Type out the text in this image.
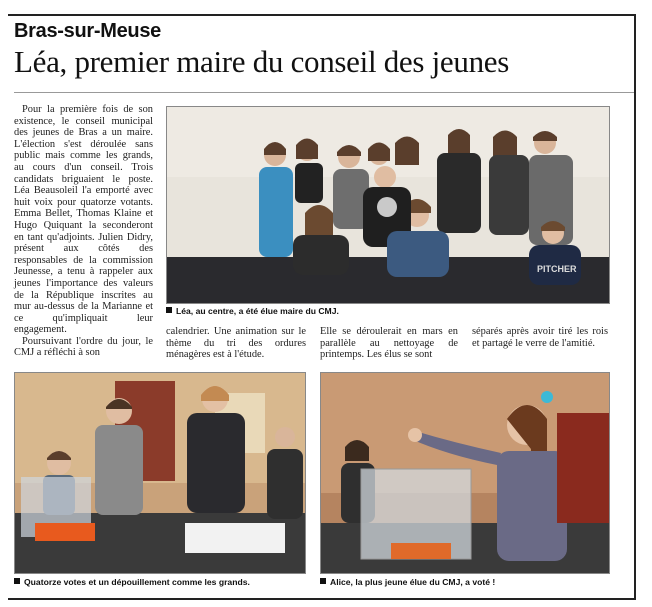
Bras-sur-Meuse
Léa, premier maire du conseil des jeunes

Pour la première fois de son existence, le conseil municipal des jeunes de Bras a un maire. L'élection s'est déroulée sans public mais comme les grands, au cours d'un conseil. Trois candidats briguaient le poste. Léa Beausoleil l'a emporté avec huit voix pour quatorze votants. Emma Bellet, Thomas Klaine et Hugo Quiquant la seconderont en tant qu'adjoints. Julien Didry, présent aux côtés des responsables de la commission Jeunesse, a tenu à rappeler aux jeunes l'importance des valeurs de la République inscrites au mur au-dessus de la Marianne et ce qu'impliquait leur engagement.

Poursuivant l'ordre du jour, le CMJ a réfléchi à son

PITCHER
Léa, au centre, a été élue maire du CMJ.
calendrier. Une animation sur le thème du tri des ordures ménagères est à l'étude.
Elle se déroulerait en mars en parallèle au nettoyage de printemps. Les élus se sont
séparés après avoir tiré les rois et partagé le verre de l'amitié.
Quatorze votes et un dépouillement comme les grands.	Alice, la plus jeune élue du CMJ, a voté !
